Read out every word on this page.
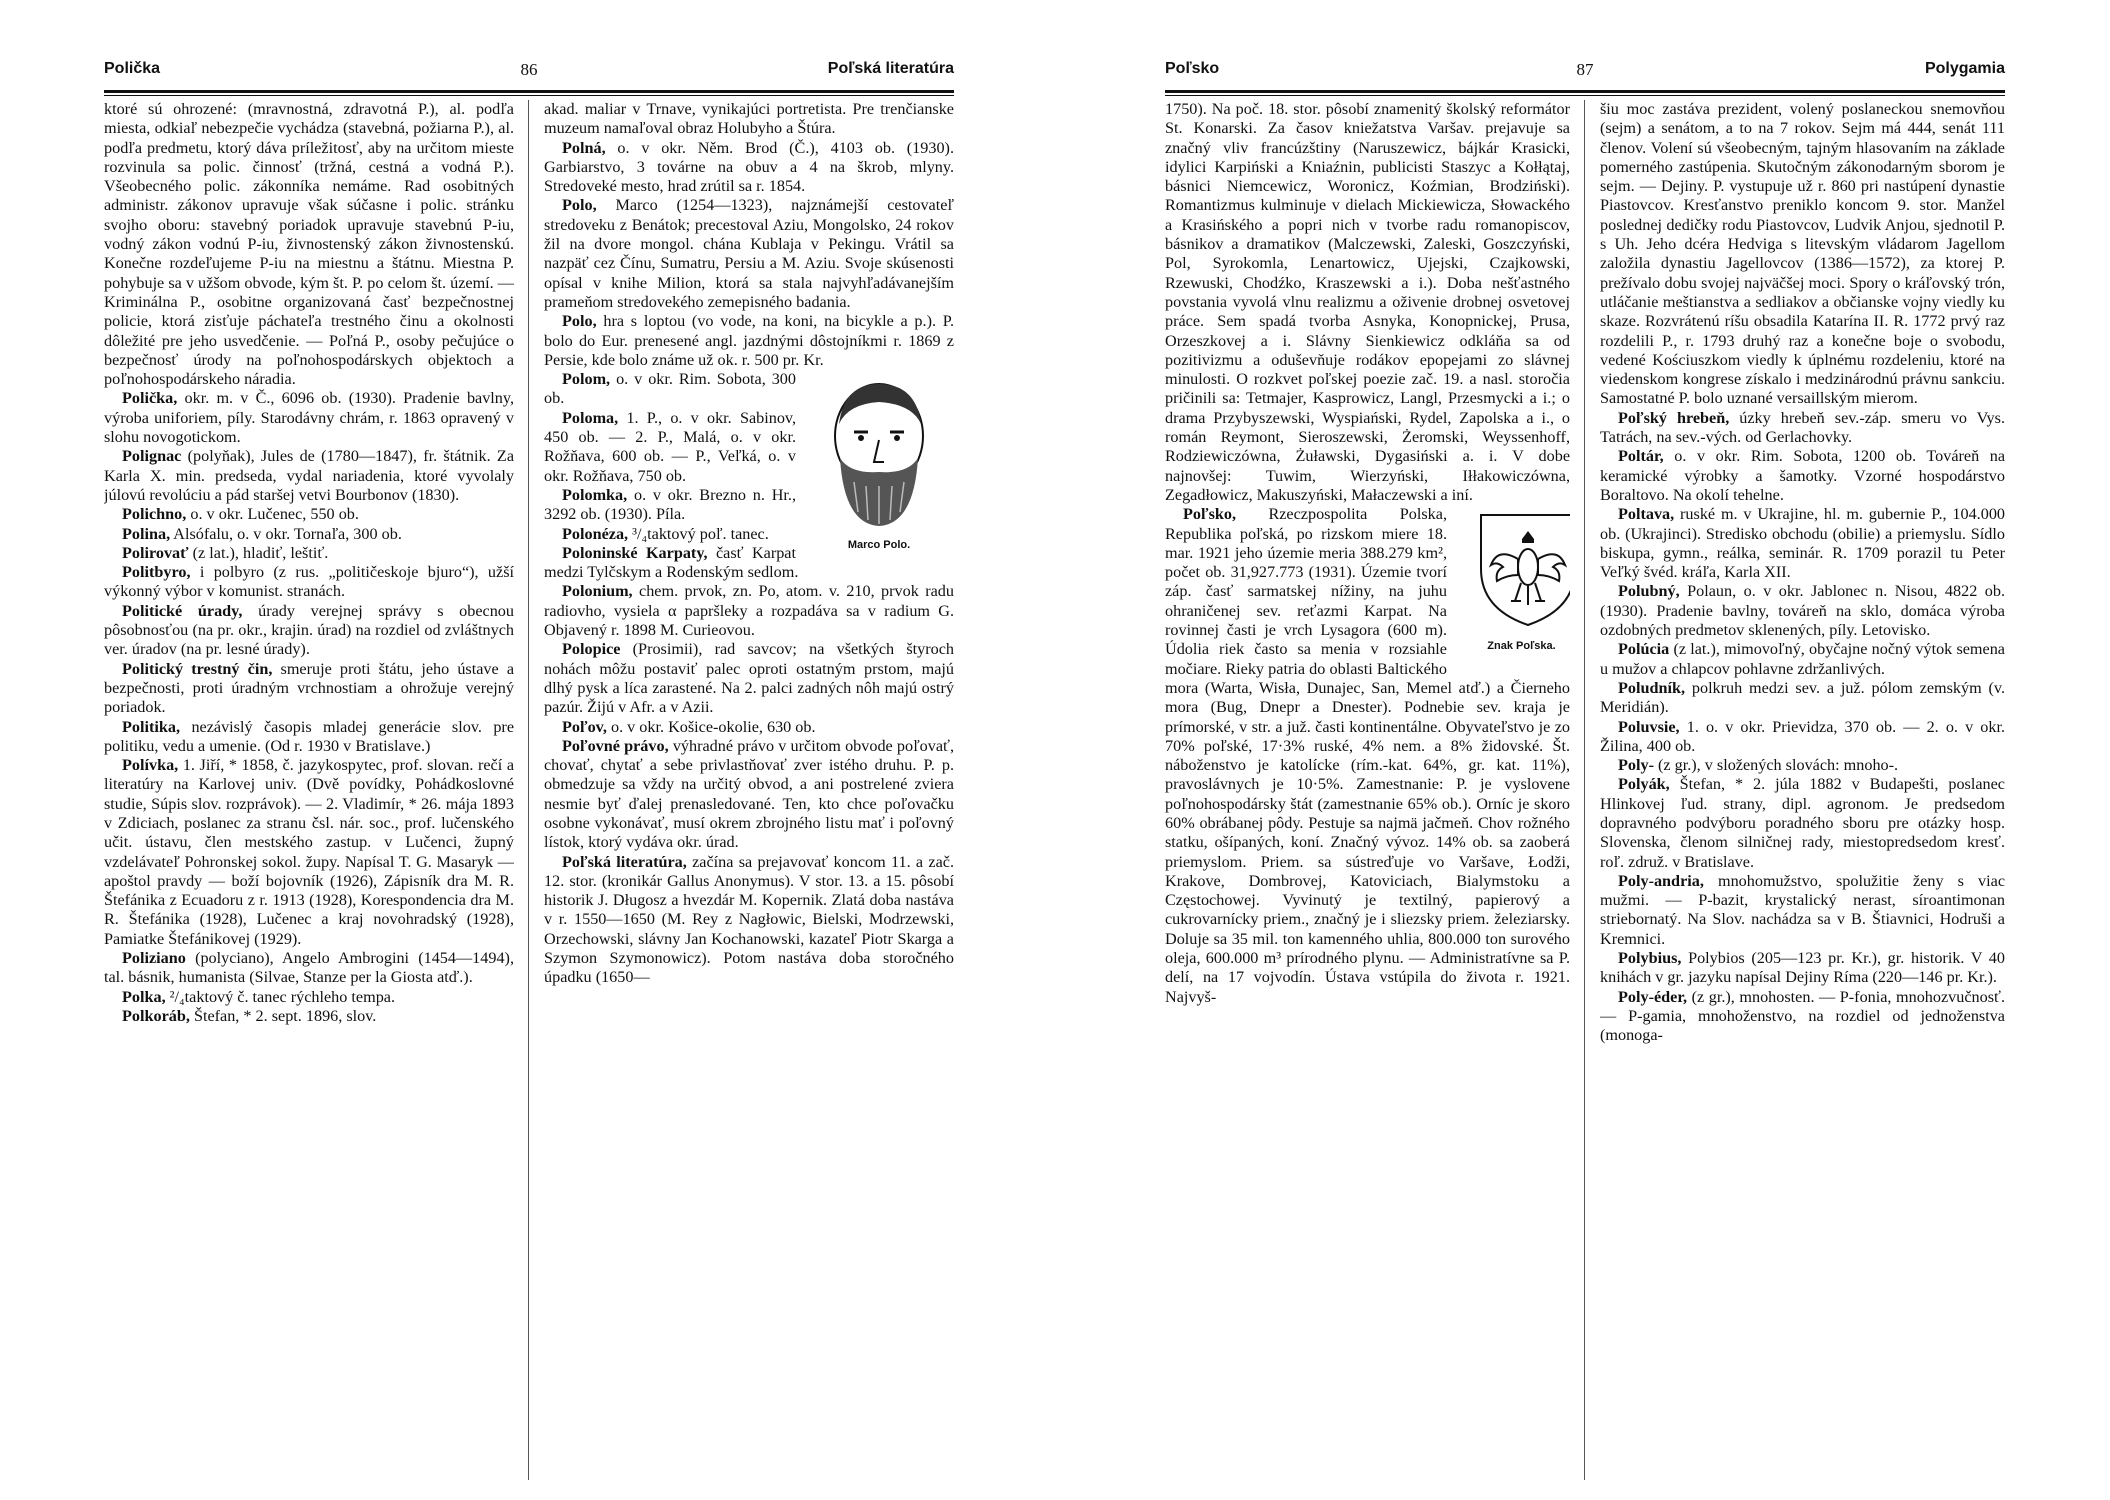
Polička	86	Poľská literatúra

ktoré sú ohrozené: (mravnostná, zdravotná P.), al. podľa miesta, odkiaľ nebezpečie vychádza (stavebná, požiarna P.), al. podľa predmetu, ktorý dáva príležitosť, aby na určitom mieste rozvinula sa polic. činnosť (tržná, cestná a vodná P.). Všeobecného polic. zákonníka nemáme. Rad osobitných administr. zákonov upravuje však súčasne i polic. stránku svojho oboru: stavebný poriadok upravuje stavebnú P-iu, vodný zákon vodnú P-iu, živnostenský zákon živnostenskú. Konečne rozdeľujeme P-iu na miestnu a štátnu. Miestna P. pohybuje sa v užšom obvode, kým št. P. po celom št. území. — Kriminálna P., osobitne organizovaná časť bezpečnostnej policie, ktorá zisťuje páchateľa trestného činu a okolnosti dôležité pre jeho usvedčenie. — Poľná P., osoby pečujúce o bezpečnosť úrody na poľnohospodárskych objektoch a poľnohospodárskeho náradia.

Polička, okr. m. v Č., 6096 ob. (1930). Pradenie bavlny, výroba uniforiem, píly. Starodávny chrám, r. 1863 opravený v slohu novogotickom.

Polignac (polyňak), Jules de (1780—1847), fr. štátnik. Za Karla X. min. predseda, vydal nariadenia, ktoré vyvolaly júlovú revolúciu a pád staršej vetvi Bourbonov (1830).

Polichno, o. v okr. Lučenec, 550 ob.

Polina, Alsófalu, o. v okr. Tornaľa, 300 ob.

Polirovať (z lat.), hladiť, leštiť.

Politbyro, i polbyro (z rus. „političeskoje bjuro“), užší výkonný výbor v komunist. stranách.

Politické úrady, úrady verejnej správy s obecnou pôsobnosťou (na pr. okr., krajin. úrad) na rozdiel od zvláštnych ver. úradov (na pr. lesné úrady).

Politický trestný čin, smeruje proti štátu, jeho ústave a bezpečnosti, proti úradným vrchnostiam a ohrožuje verejný poriadok.

Politika, nezávislý časopis mladej generácie slov. pre politiku, vedu a umenie. (Od r. 1930 v Bratislave.)

Polívka, 1. Jiří, * 1858, č. jazykospytec, prof. slovan. rečí a literatúry na Karlovej univ. (Dvě povídky, Pohádkoslovné studie, Súpis slov. rozprávok). — 2. Vladimír, * 26. mája 1893 v Zdiciach, poslanec za stranu čsl. nár. soc., prof. lučenského učit. ústavu, člen mestského zastup. v Lučenci, župný vzdelávateľ Pohronskej sokol. župy. Napísal T. G. Masaryk — apoštol pravdy — boží bojovník (1926), Zápisník dra M. R. Štefánika z Ecuadoru z r. 1913 (1928), Korespondencia dra M. R. Štefánika (1928), Lučenec a kraj novohradský (1928), Pamiatke Štefánikovej (1929).

Poliziano (polyciano), Angelo Ambrogini (1454—1494), tal. básnik, humanista (Silvae, Stanze per la Giosta atď.).

Polka, ²/₄taktový č. tanec rýchleho tempa.

Polkoráb, Štefan, * 2. sept. 1896, slov.

akad. maliar v Trnave, vynikajúci portretista. Pre trenčianske muzeum namaľoval obraz Holubyho a Štúra.

Polná, o. v okr. Něm. Brod (Č.), 4103 ob. (1930). Garbiarstvo, 3 továrne na obuv a 4 na škrob, mlyny. Stredoveké mesto, hrad zrútil sa r. 1854.

Polo, Marco (1254—1323), najznámejší cestovateľ stredoveku z Benátok; precestoval Aziu, Mongolsko, 24 rokov žil na dvore mongol. chána Kublaja v Pekingu. Vrátil sa nazpäť cez Čínu, Sumatru, Persiu a M. Aziu. Svoje skúsenosti opísal v knihe Milion, ktorá sa stala najvyhľadávanejším prameňom stredovekého zemepisného badania.

Polo, hra s loptou (vo vode, na koni, na bicykle a p.). P. bolo do Eur. prenesené angl. jazdnými dôstojníkmi r. 1869 z Persie, kde bolo známe už ok. r. 500 pr. Kr.

Marco Polo.

Polom, o. v okr. Rim. Sobota, 300 ob.

Poloma, 1. P., o. v okr. Sabinov, 450 ob. — 2. P., Malá, o. v okr. Rožňava, 600 ob. — P., Veľká, o. v okr. Rožňava, 750 ob.

Polomka, o. v okr. Brezno n. Hr., 3292 ob. (1930). Píla.

Polonéza, ³/₄taktový poľ. tanec.

Poloninské Karpaty, časť Karpat medzi Tylčskym a Rodenským sedlom.

Polonium, chem. prvok, zn. Po, atom. v. 210, prvok radu radiovho, vysiela α papršleky a rozpadáva sa v radium G. Objavený r. 1898 M. Curieovou.

Polopice (Prosimii), rad savcov; na všetkých štyroch nohách môžu postaviť palec oproti ostatným prstom, majú dlhý pysk a líca zarastené. Na 2. palci zadných nôh majú ostrý pazúr. Žijú v Afr. a v Azii.

Poľov, o. v okr. Košice-okolie, 630 ob.

Poľovné právo, výhradné právo v určitom obvode poľovať, chovať, chytať a sebe privlastňovať zver istého druhu. P. p. obmedzuje sa vždy na určitý obvod, a ani postrelené zviera nesmie byť ďalej prenasledované. Ten, kto chce poľovačku osobne vykonávať, musí okrem zbrojného listu mať i poľovný lístok, ktorý vydáva okr. úrad.

Poľská literatúra, začína sa prejavovať koncom 11. a zač. 12. stor. (kronikár Gallus Anonymus). V stor. 13. a 15. pôsobí historik J. Długosz a hvezdár M. Kopernik. Zlatá doba nastáva v r. 1550—1650 (M. Rey z Nagłowic, Bielski, Modrzewski, Orzechowski, slávny Jan Kochanowski, kazateľ Piotr Skarga a Szymon Szymonowicz). Potom nastáva doba storočného úpadku (1650—

Poľsko	87	Polygamia

1750). Na poč. 18. stor. pôsobí znamenitý školský reformátor St. Konarski. Za časov kniežatstva Varšav. prejavuje sa značný vliv francúzštiny (Naruszewicz, bájkár Krasicki, idylici Karpiński a Kniaźnin, publicisti Staszyc a Kołłątaj, básnici Niemcewicz, Woronicz, Koźmian, Brodziński). Romantizmus kulminuje v dielach Mickiewicza, Słowackého a Krasińského a popri nich v tvorbe radu romanopiscov, básnikov a dramatikov (Malczewski, Zaleski, Goszczyński, Pol, Syrokomla, Lenartowicz, Ujejski, Czajkowski, Rzewuski, Chodźko, Kraszewski a i.). Doba nešťastného povstania vyvolá vlnu realizmu a oživenie drobnej osvetovej práce. Sem spadá tvorba Asnyka, Konopnickej, Prusa, Orzeszkovej a i. Slávny Sienkiewicz odkláňa sa od pozitivizmu a oduševňuje rodákov epopejami zo slávnej minulosti. O rozkvet poľskej poezie zač. 19. a nasl. storočia pričinili sa: Tetmajer, Kasprowicz, Langl, Przesmycki a i.; o drama Przybyszewski, Wyspiański, Rydel, Zapolska a i., o román Reymont, Sieroszewski, Żeromski, Weyssenhoff, Rodziewiczówna, Żuławski, Dygasiński a. i. V dobe najnovšej: Tuwim, Wierzyński, Iłłakowiczówna, Zegadłowicz, Makuszyński, Małaczewski a iní.

Znak Poľska.
Poľsko, Rzeczpospolita Polska, Republika poľská, po rizskom miere 18. mar. 1921 jeho územie meria 388.279 km², počet ob. 31,927.773 (1931). Územie tvorí záp. časť sarmatskej nížiny, na juhu ohraničenej sev. reťazmi Karpat. Na rovinnej časti je vrch Lysagora (600 m). Údolia riek často sa menia v rozsiahle močiare. Rieky patria do oblasti Baltického mora (Warta, Wisła, Dunajec, San, Memel atď.) a Čierneho mora (Bug, Dnepr a Dnester). Podnebie sev. kraja je prímorské, v str. a juž. časti kontinentálne. Obyvateľstvo je zo 70% poľské, 17·3% ruské, 4% nem. a 8% židovské. Št. náboženstvo je katolícke (rím.-kat. 64%, gr. kat. 11%), pravoslávnych je 10·5%. Zamestnanie: P. je vyslovene poľnohospodársky štát (zamestnanie 65% ob.). Orníc je skoro 60% obrábanej pôdy. Pestuje sa najmä jačmeň. Chov rožného statku, ošípaných, koní. Značný vývoz. 14% ob. sa zaoberá priemyslom. Priem. sa sústreďuje vo Varšave, Łodži, Krakove, Dombrovej, Katoviciach, Bialymstoku a Częstochowej. Vyvinutý je textilný, papierový a cukrovarnícky priem., značný je i sliezsky priem. železiarsky. Doluje sa 35 mil. ton kamenného uhlia, 800.000 ton surového oleja, 600.000 m³ prírodného plynu. — Administratívne sa P. delí, na 17 vojvodín. Ústava vstúpila do života r. 1921. Najvyš-

šiu moc zastáva prezident, volený poslaneckou snemovňou (sejm) a senátom, a to na 7 rokov. Sejm má 444, senát 111 členov. Volení sú všeobecným, tajným hlasovaním na základe pomerného zastúpenia. Skutočným zákonodarným sborom je sejm. — Dejiny. P. vystupuje už r. 860 pri nastúpení dynastie Piastovcov. Kresťanstvo preniklo koncom 9. stor. Manžel poslednej dedičky rodu Piastovcov, Ludvik Anjou, sjednotil P. s Uh. Jeho dcéra Hedviga s litevským vládarom Jagellom založila dynastiu Jagellovcov (1386—1572), za ktorej P. prežívalo dobu svojej najväčšej moci. Spory o kráľovský trón, utláčanie meštianstva a sedliakov a občianske vojny viedly ku skaze. Rozvrátenú ríšu obsadila Katarína II. R. 1772 prvý raz rozdelili P., r. 1793 druhý raz a konečne boje o svobodu, vedené Kościuszkom viedly k úplnému rozdeleniu, ktoré na viedenskom kongrese získalo i medzinárodnú právnu sankciu. Samostatné P. bolo uznané versaillským mierom.

Poľský hrebeň, úzky hrebeň sev.-záp. smeru vo Vys. Tatrách, na sev.-vých. od Gerlachovky.

Poltár, o. v okr. Rim. Sobota, 1200 ob. Továreň na keramické výrobky a šamotky. Vzorné hospodárstvo Boraltovo. Na okolí tehelne.

Poltava, ruské m. v Ukrajine, hl. m. gubernie P., 104.000 ob. (Ukrajinci). Stredisko obchodu (obilie) a priemyslu. Sídlo biskupa, gymn., reálka, seminár. R. 1709 porazil tu Peter Veľký švéd. kráľa, Karla XII.

Polubný, Polaun, o. v okr. Jablonec n. Nisou, 4822 ob. (1930). Pradenie bavlny, továreň na sklo, domáca výroba ozdobných predmetov sklenených, píly. Letovisko.

Polúcia (z lat.), mimovoľný, obyčajne nočný výtok semena u mužov a chlapcov pohlavne zdržanlivých.

Poludník, polkruh medzi sev. a juž. pólom zemským (v. Meridián).

Poluvsie, 1. o. v okr. Prievidza, 370 ob. — 2. o. v okr. Žilina, 400 ob.

Poly- (z gr.), v složených slovách: mnoho-.

Polyák, Štefan, * 2. júla 1882 v Budapešti, poslanec Hlinkovej ľud. strany, dipl. agronom. Je predsedom dopravného podvýboru poradného sboru pre otázky hosp. Slovenska, členom silničnej rady, miestopredsedom kresť. roľ. združ. v Bratislave.

Poly-andria, mnohomužstvo, spolužitie ženy s viac mužmi. — P-bazit, krystalický nerast, síroantimonan striebornatý. Na Slov. nachádza sa v B. Štiavnici, Hodruši a Kremnici.

Polybius, Polybios (205—123 pr. Kr.), gr. historik. V 40 knihách v gr. jazyku napísal Dejiny Ríma (220—146 pr. Kr.).

Poly-éder, (z gr.), mnohosten. — P-fonia, mnohozvučnosť. — P-gamia, mnohoženstvo, na rozdiel od jednoženstva (monoga-
